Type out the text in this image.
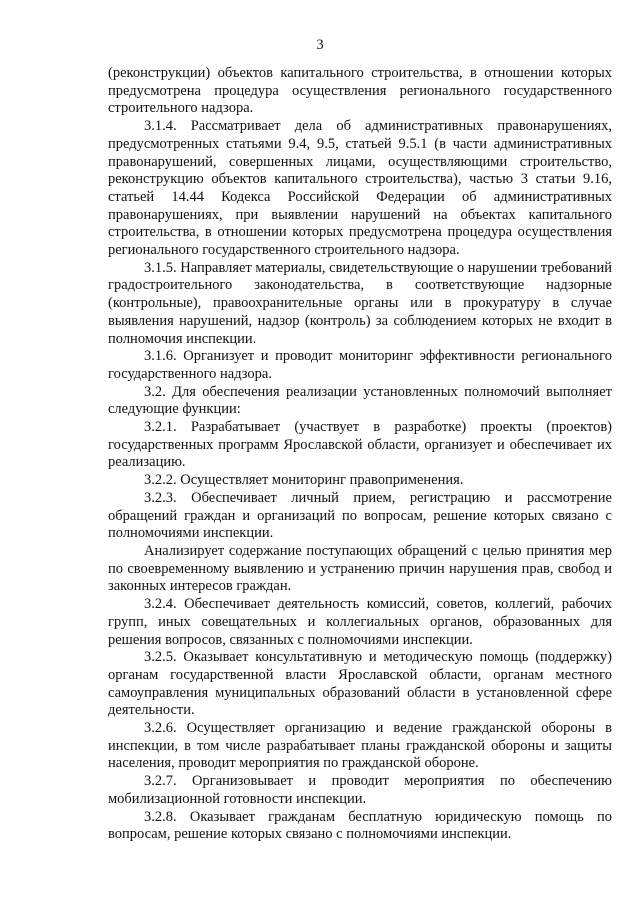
3

(реконструкции) объектов капитального строительства, в отношении которых предусмотрена процедура осуществления регионального государственного строительного надзора.

3.1.4. Рассматривает дела об административных правонарушениях, предусмотренных статьями 9.4, 9.5, статьей 9.5.1 (в части административных правонарушений, совершенных лицами, осуществляющими строительство, реконструкцию объектов капитального строительства), частью 3 статьи 9.16, статьей 14.44 Кодекса Российской Федерации об административных правонарушениях, при выявлении нарушений на объектах капитального строительства, в отношении которых предусмотрена процедура осуществления регионального государственного строительного надзора.

3.1.5. Направляет материалы, свидетельствующие о нарушении требований градостроительного законодательства, в соответствующие надзорные (контрольные), правоохранительные органы или в прокуратуру в случае выявления нарушений, надзор (контроль) за соблюдением которых не входит в полномочия инспекции.

3.1.6. Организует и проводит мониторинг эффективности регионального государственного надзора.

3.2. Для обеспечения реализации установленных полномочий выполняет следующие функции:

3.2.1. Разрабатывает (участвует в разработке) проекты (проектов) государственных программ Ярославской области, организует и обеспечивает их реализацию.

3.2.2. Осуществляет мониторинг правоприменения.

3.2.3. Обеспечивает личный прием, регистрацию и рассмотрение обращений граждан и организаций по вопросам, решение которых связано с полномочиями инспекции.

Анализирует содержание поступающих обращений с целью принятия мер по своевременному выявлению и устранению причин нарушения прав, свобод и законных интересов граждан.

3.2.4. Обеспечивает деятельность комиссий, советов, коллегий, рабочих групп, иных совещательных и коллегиальных органов, образованных для решения вопросов, связанных с полномочиями инспекции.

3.2.5. Оказывает консультативную и методическую помощь (поддержку) органам государственной власти Ярославской области, органам местного самоуправления муниципальных образований области в установленной сфере деятельности.

3.2.6. Осуществляет организацию и ведение гражданской обороны в инспекции, в том числе разрабатывает планы гражданской обороны и защиты населения, проводит мероприятия по гражданской обороне.

3.2.7. Организовывает и проводит мероприятия по обеспечению мобилизационной готовности инспекции.

3.2.8. Оказывает гражданам бесплатную юридическую помощь по вопросам, решение которых связано с полномочиями инспекции.
